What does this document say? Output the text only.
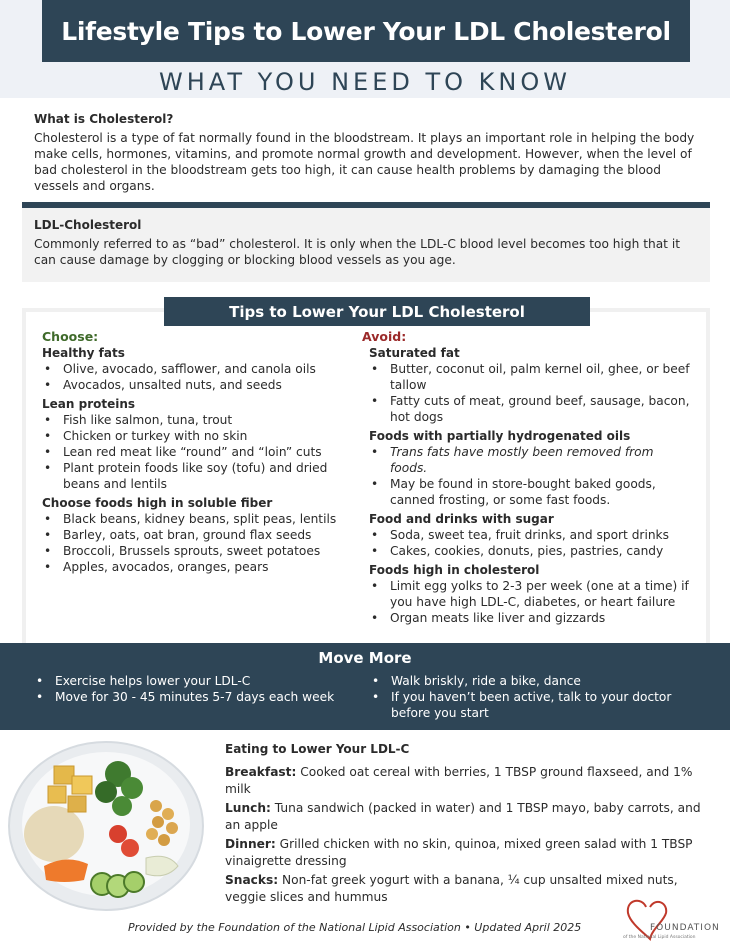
Lifestyle Tips to Lower Your LDL Cholesterol
WHAT YOU NEED TO KNOW
What is Cholesterol?
Cholesterol is a type of fat normally found in the bloodstream. It plays an important role in helping the body make cells, hormones, vitamins, and promote normal growth and development. However, when the level of bad cholesterol in the bloodstream gets too high, it can cause health problems by damaging the blood vessels and organs.
LDL-Cholesterol
Commonly referred to as “bad” cholesterol. It is only when the LDL-C blood level becomes too high that it can cause damage by clogging or blocking blood vessels as you age.
Tips to Lower Your LDL Cholesterol
Choose:
Healthy fats
• Olive, avocado, safflower, and canola oils
• Avocados, unsalted nuts, and seeds
Lean proteins
• Fish like salmon, tuna, trout
• Chicken or turkey with no skin
• Lean red meat like “round” and “loin” cuts
• Plant protein foods like soy (tofu) and dried beans and lentils
Choose foods high in soluble fiber
• Black beans, kidney beans, split peas, lentils
• Barley, oats, oat bran, ground flax seeds
• Broccoli, Brussels sprouts, sweet potatoes
• Apples, avocados, oranges, pears
Avoid:
Saturated fat
• Butter, coconut oil, palm kernel oil, ghee, or beef tallow
• Fatty cuts of meat, ground beef, sausage, bacon, hot dogs
Foods with partially hydrogenated oils
• Trans fats have mostly been removed from foods.
• May be found in store-bought baked goods, canned frosting, or some fast foods.
Food and drinks with sugar
• Soda, sweet tea, fruit drinks, and sport drinks
• Cakes, cookies, donuts, pies, pastries, candy
Foods high in cholesterol
• Limit egg yolks to 2-3 per week (one at a time) if you have high LDL-C, diabetes, or heart failure
• Organ meats like liver and gizzards
Move More
• Exercise helps lower your LDL-C
• Move for 30 - 45 minutes 5-7 days each week
• Walk briskly, ride a bike, dance
• If you haven’t been active, talk to your doctor before you start
Eating to Lower Your LDL-C
Breakfast: Cooked oat cereal with berries, 1 TBSP ground flaxseed, and 1% milk
Lunch: Tuna sandwich (packed in water) and 1 TBSP mayo, baby carrots, and an apple
Dinner: Grilled chicken with no skin, quinoa, mixed green salad with 1 TBSP vinaigrette dressing
Snacks: Non-fat greek yogurt with a banana, ¼ cup unsalted mixed nuts, veggie slices and hummus
Provided by the Foundation of the National Lipid Association • Updated April 2025	FOUNDATION
of the National Lipid Association
